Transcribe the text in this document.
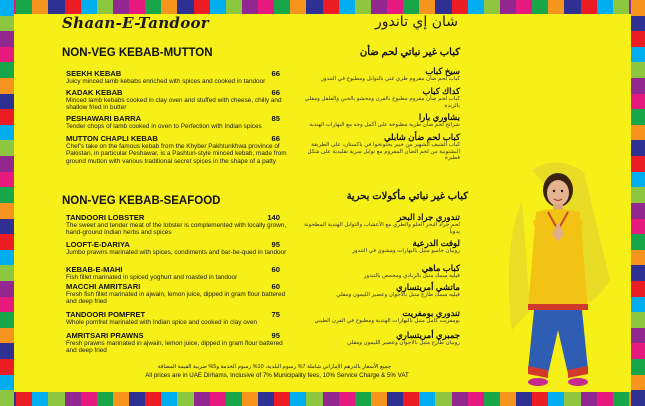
Shaan-E-Tandoor	شان إي تاندور
NON-VEG KEBAB-MUTTON	كباب غير نباتي لحم ضأن
SEEKH KEBAB	66
Juicy minced lamb kebabs enriched with spices and cooked in tandoor
KADAK KEBAB	66
Minced lamb kebabs cooked in clay oven and stuffed with cheese, chilly and shallow fried in butter
PESHAWARI BARRA	85
Tender chops of lamb cooked in oven to Perfection with Indian spices
MUTTON CHAPLI KEBAB	66
Chef's take on the famous kebab from the Khyber Pakhtunkhwa province of Pakistan, in particular Peshawar, is a Pashtun-style minced kebab, made from ground mutton with various traditional secret spices in the shape of a patty
سيخ كباب
كباب لحم ضأن مفروم طري غني بالتوابل ومطبوخ في التندور
كداك كباب
كباب لحم ضأن مفروم مطبوخ بالفرن ومحشو بالجبن والفلفل ومقلي بالزبدة
بشاوري بارا
شرائح لحم ضأن طرية مطبوخة على أكمل وجه مع البهارات الهندية
كباب لحم ضأن شابلي
كباب الشيف الشهير من خيبر بختونخوا في باكستان، على الطريقة البشتونية من لحم الضأن المفروم مع توابل سرية تقليدية على شكل فطيرة
NON-VEG KEBAB-SEAFOOD	كباب غير نباتي مأكولات بحرية
TANDOORI LOBSTER	140
The sweet and tender meat of the lobster is complemented with locally grown, hand-ground Indian herbs and spices
LOOFT-E-DARIYA	95
Jumbo prawns marinated with spices, condiments and bar-be-qued in tandoor
KEBAB-E-MAHI	60
Fish fillet marinated in spiced yoghurt and roasted in tandoor
MACCHI AMRITSARI	60
Fresh fish fillet marinated in ajwain, lemon juice, dipped in gram flour battered and deep fried
TANDOORI POMFRET	75
Whole pomfret marinated with Indian spice and cooked in clay oven
AMRITSARI PRAWNS	95
Fresh prawns marinated in ajwain, lemon juice, dipped in gram flour battered and deep fried
تندوري جراد البحر
لحم جراد البحر الحلو والطري مع الأعشاب والتوابل الهندية المطحونة يدوياً
لوفت الدرعية
روبيان جامبو متبل بالبهارات ومشوي في التندور
كباب ماهي
فيليه سمك متبل بالزبادي ومحمص بالتندور
ماتشي أمريتساري
فيليه سمك طازج متبل بالأجوان وعصير الليمون ومقلي
تندوري بومفريت
بومفريت كامل متبل بالبهارات الهندية ومطبوخ في الفرن الطيني
جمبري أمريتساري
روبيان طازج متبل بالأجوان وعصير الليمون ومقلي
جميع الأسعار بالدرهم الإماراتي شاملة 7% رسوم البلدية، 10% رسوم الخدمة و5% ضريبة القيمة المضافة
All prices are in UAE Dirhams, Inclusive of 7% Municipality fees, 10% Service Charge & 5% VAT
